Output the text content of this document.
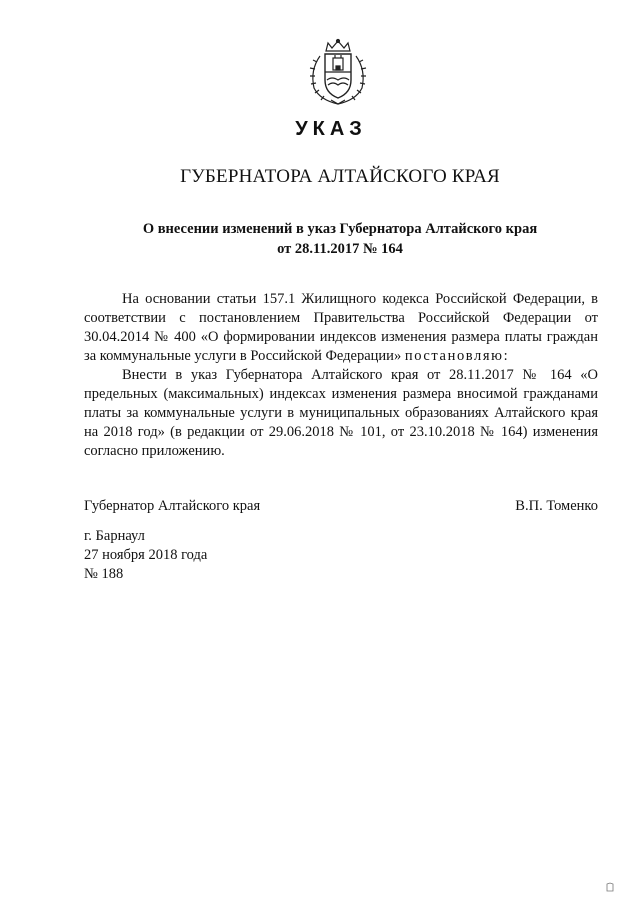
УКАЗ
ГУБЕРНАТОРА АЛТАЙСКОГО КРАЯ
О внесении изменений в указ Губернатора Алтайского края
от 28.11.2017 № 164

На основании статьи 157.1 Жилищного кодекса Российской Федерации, в соответствии с постановлением Правительства Российской Федерации от 30.04.2014 № 400 «О формировании индексов изменения размера платы граждан за коммунальные услуги в Российской Федерации» постановляю:

Внести в указ Губернатора Алтайского края от 28.11.2017 № 164 «О предельных (максимальных) индексах изменения размера вносимой гражданами платы за коммунальные услуги в муниципальных образованиях Алтайского края на 2018 год» (в редакции от 29.06.2018 № 101, от 23.10.2018 № 164) изменения согласно приложению.

Губернатор Алтайского края	В.П. Томенко
г. Барнаул
27 ноября 2018 года
№ 188
